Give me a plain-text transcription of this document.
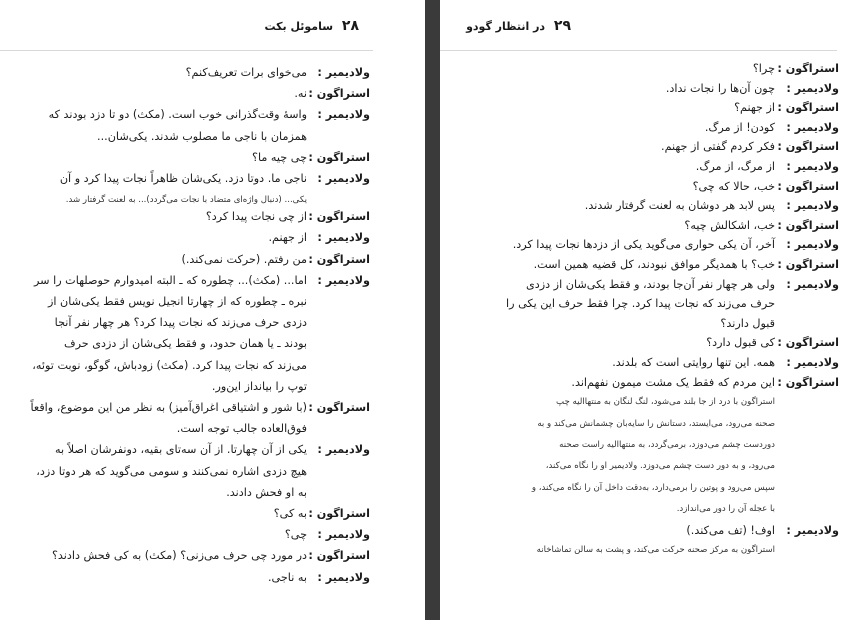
۲۸ ساموئل بکت
ولادیمیر :
می‌خوای برات تعریف‌کنم؟
استراگون :
نه.
ولادیمیر :
واسهٔ وقت‌گذرانی خوب است. (مکث) دو تا دزد بودند که
همزمان با ناجی ما مصلوب شدند. یکی‌شان...
استراگون :
چی چیه ما؟
ولادیمیر :
ناجی ما. دوتا دزد. یکی‌شان ظاهراً نجات پیدا کرد و آن
یکی... (دنبال واژه‌ای متضاد با نجات می‌گردد)... به لعنت گرفتار شد.
استراگون :
از چی نجات پیدا کرد؟
ولادیمیر :
از جهنم.
استراگون :
من رفتم. (حرکت نمی‌کند.)
ولادیمیر :
اما... (مکث)... چطوره که ـ البته امیدوارم حوصلهات را سر
نبره ـ چطوره که از چهارتا انجیل نویس فقط یکی‌شان از
دزدی حرف می‌زند که نجات پیدا کرد؟ هر چهار نفر آنجا
بودند ـ یا همان حدود، و فقط یکی‌شان از دزدی حرف
می‌زند که نجات پیدا کرد. (مکث) زودباش، گوگو، نوبت توئه،
توپ را بیانداز این‌ور.
استراگون :
(با شور و اشتیاقی اغراق‌آمیز) به نظر من این موضوع، واقعاً
فوق‌العاده جالب توجه است.
ولادیمیر :
یکی از آن چهارتا. از آن سه‌تای بقیه، دونفرشان اصلاً به
هیچ دزدی اشاره نمی‌کنند و سومی می‌گوید که هر دوتا دزد،
به او فحش دادند.
استراگون :
به کی؟
ولادیمیر :
چی؟
استراگون :
در مورد چی حرف می‌زنی؟ (مکث) به کی فحش دادند؟
ولادیمیر :
به ناجی.
۲۹ در انتظار گودو
استراگون :
چرا؟
ولادیمیر :
چون آن‌ها را نجات نداد.
استراگون :
از جهنم؟
ولادیمیر :
کودن! از مرگ.
استراگون :
فکر کردم گفتی از جهنم.
ولادیمیر :
از مرگ، از مرگ.
استراگون :
خب، حالا که چی؟
ولادیمیر :
پس لابد هر دوشان به لعنت گرفتار شدند.
استراگون :
خب، اشکالش چیه؟
ولادیمیر :
آخر، آن یکی حواری می‌گوید یکی از دزدها نجات پیدا کرد.
استراگون :
خب؟ با همدیگر موافق نبودند، کل قضیه همین است.
ولادیمیر :
ولی هر چهار نفر آن‌جا بودند، و فقط یکی‌شان از دزدی
حرف می‌زند که نجات پیدا کرد. چرا فقط حرف این یکی را
قبول دارند؟
استراگون :
کی قبول دارد؟
ولادیمیر :
همه. این تنها روایتی است که بلدند.
استراگون :
این مردم که فقط یک مشت میمون نفهم‌اند.
استراگون با درد از جا بلند می‌شود، لنگ لنگان به منتهاالیه چپ
صحنه می‌رود، می‌ایستد، دستانش را سایه‌بان چشمانش می‌کند و به
دوردست چشم می‌دوزد، برمی‌گردد، به منتهاالیه راست صحنه
می‌رود، و به دور دست چشم می‌دوزد. ولادیمیر او را نگاه می‌کند،
سپس می‌رود و پوتین را برمی‌دارد، به‌دقت داخل آن را نگاه می‌کند، و
با عجله آن را دور می‌اندازد.
ولادیمیر :
اوف! (تف می‌کند.)
استراگون به مرکز صحنه حرکت می‌کند، و پشت به سالن تماشاخانه
